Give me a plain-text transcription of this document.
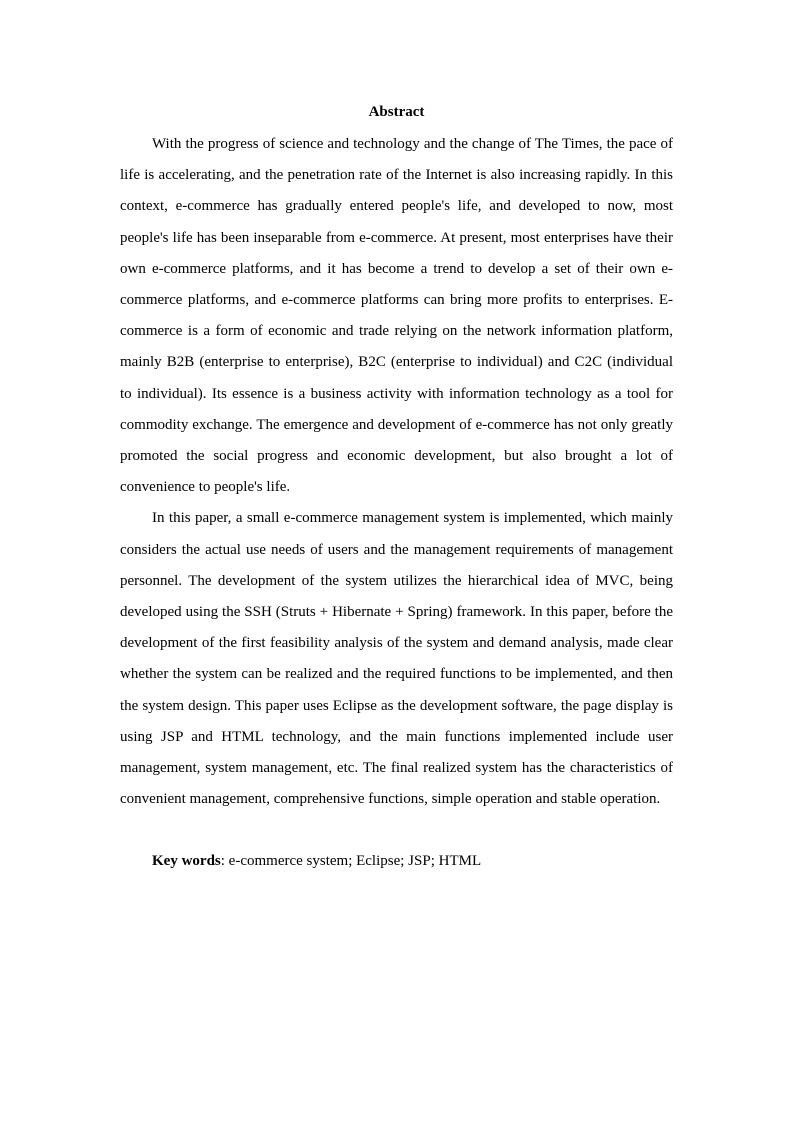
Abstract

With the progress of science and technology and the change of The Times, the pace of life is accelerating, and the penetration rate of the Internet is also increasing rapidly. In this context, e-commerce has gradually entered people's life, and developed to now, most people's life has been inseparable from e-commerce. At present, most enterprises have their own e-commerce platforms, and it has become a trend to develop a set of their own e-commerce platforms, and e-commerce platforms can bring more profits to enterprises. E-commerce is a form of economic and trade relying on the network information platform, mainly B2B (enterprise to enterprise), B2C (enterprise to individual) and C2C (individual to individual). Its essence is a business activity with information technology as a tool for commodity exchange. The emergence and development of e-commerce has not only greatly promoted the social progress and economic development, but also brought a lot of convenience to people's life.

In this paper, a small e-commerce management system is implemented, which mainly considers the actual use needs of users and the management requirements of management personnel. The development of the system utilizes the hierarchical idea of MVC, being developed using the SSH (Struts + Hibernate + Spring) framework. In this paper, before the development of the first feasibility analysis of the system and demand analysis, made clear whether the system can be realized and the required functions to be implemented, and then the system design. This paper uses Eclipse as the development software, the page display is using JSP and HTML technology, and the main functions implemented include user management, system management, etc. The final realized system has the characteristics of convenient management, comprehensive functions, simple operation and stable operation.

Key words: e-commerce system; Eclipse; JSP; HTML
